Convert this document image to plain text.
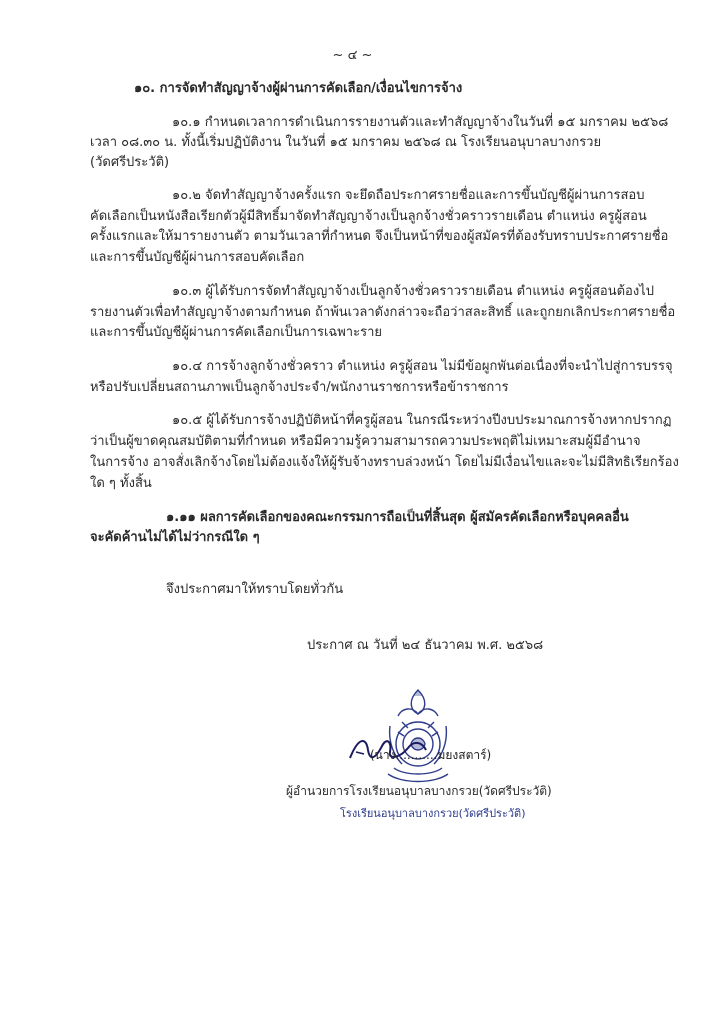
~ ๔ ~
๑๐. การจัดทำสัญญาจ้างผู้ผ่านการคัดเลือก/เงื่อนไขการจ้าง
๑๐.๑ กำหนดเวลาการดำเนินการรายงานตัวและทำสัญญาจ้างในวันที่ ๑๕ มกราคม ๒๕๖๘
เวลา ๐๘.๓๐ น. ทั้งนี้เริ่มปฏิบัติงาน ในวันที่ ๑๕ มกราคม ๒๕๖๘ ณ โรงเรียนอนุบาลบางกรวย
(วัดศรีประวัติ)
๑๐.๒ จัดทำสัญญาจ้างครั้งแรก จะยึดถือประกาศรายชื่อและการขึ้นบัญชีผู้ผ่านการสอบ
คัดเลือกเป็นหนังสือเรียกตัวผู้มีสิทธิ์มาจัดทำสัญญาจ้างเป็นลูกจ้างชั่วคราวรายเดือน ตำแหน่ง ครูผู้สอน
ครั้งแรกและให้มารายงานตัว ตามวันเวลาที่กำหนด จึงเป็นหน้าที่ของผู้สมัครที่ต้องรับทราบประกาศรายชื่อ
และการขึ้นบัญชีผู้ผ่านการสอบคัดเลือก
๑๐.๓ ผู้ได้รับการจัดทำสัญญาจ้างเป็นลูกจ้างชั่วคราวรายเดือน ตำแหน่ง ครูผู้สอนต้องไป
รายงานตัวเพื่อทำสัญญาจ้างตามกำหนด ถ้าพ้นเวลาดังกล่าวจะถือว่าสละสิทธิ์ และถูกยกเลิกประกาศรายชื่อ
และการขึ้นบัญชีผู้ผ่านการคัดเลือกเป็นการเฉพาะราย
๑๐.๔ การจ้างลูกจ้างชั่วคราว ตำแหน่ง ครูผู้สอน ไม่มีข้อผูกพันต่อเนื่องที่จะนำไปสู่การบรรจุ
หรือปรับเปลี่ยนสถานภาพเป็นลูกจ้างประจำ/พนักงานราชการหรือข้าราชการ
๑๐.๕ ผู้ได้รับการจ้างปฏิบัติหน้าที่ครูผู้สอน ในกรณีระหว่างปีงบประมาณการจ้างหากปรากฏ
ว่าเป็นผู้ขาดคุณสมบัติตามที่กำหนด หรือมีความรู้ความสามารถความประพฤติไม่เหมาะสมผู้มีอำนาจ
ในการจ้าง อาจสั่งเลิกจ้างโดยไม่ต้องแจ้งให้ผู้รับจ้างทราบล่วงหน้า โดยไม่มีเงื่อนไขและจะไม่มีสิทธิเรียกร้อง
ใด ๆ ทั้งสิ้น
๑.๑๑ ผลการคัดเลือกของคณะกรรมการถือเป็นที่สิ้นสุด ผู้สมัครคัดเลือกหรือบุคคลอื่น
จะคัดค้านไม่ได้ไม่ว่ากรณีใด ๆ
จึงประกาศมาให้ทราบโดยทั่วกัน
ประกาศ ณ วันที่ ๒๔ ธันวาคม พ.ศ. ๒๕๖๘
(นาง...........มยงสตาร์)
ผู้อำนวยการโรงเรียนอนุบาลบางกรวย(วัดศรีประวัติ)
โรงเรียนอนุบาลบางกรวย(วัดศรีประวัติ)
